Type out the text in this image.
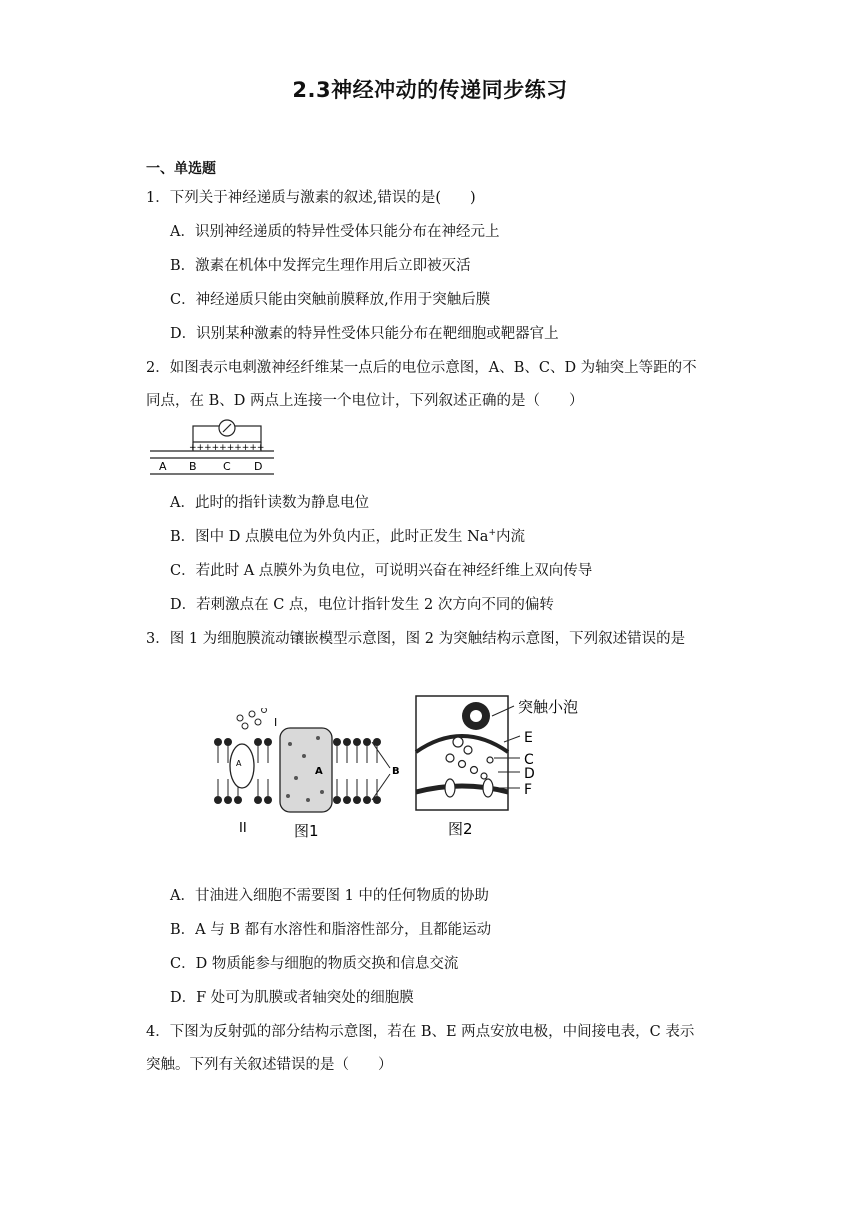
2.3神经冲动的传递同步练习
一、单选题
1．下列关于神经递质与激素的叙述,错误的是(　　)
A．识别神经递质的特异性受体只能分布在神经元上
B．激素在机体中发挥完生理作用后立即被灭活
C．神经递质只能由突触前膜释放,作用于突触后膜
D．识别某种激素的特异性受体只能分布在靶细胞或靶器官上
2．如图表示电刺激神经纤维某一点后的电位示意图，A、B、C、D 为轴突上等距的不
同点，在 B、D 两点上连接一个电位计，下列叙述正确的是（　　）
++++++++++
A B C D
A．此时的指针读数为静息电位
B．图中 D 点膜电位为外负内正，此时正发生 Na+内流
C．若此时 A 点膜外为负电位，可说明兴奋在神经纤维上双向传导
D．若刺激点在 C 点，电位计指针发生 2 次方向不同的偏转
3．图 1 为细胞膜流动镶嵌模型示意图，图 2 为突触结构示意图，下列叙述错误的是
A
I
A	B
II	图1
突触小泡
E
C
D
F
图2
A．甘油进入细胞不需要图 1 中的任何物质的协助
B．A 与 B 都有水溶性和脂溶性部分，且都能运动
C．D 物质能参与细胞的物质交换和信息交流
D．F 处可为肌膜或者轴突处的细胞膜
4．下图为反射弧的部分结构示意图，若在 B、E 两点安放电极，中间接电表，C 表示
突触。下列有关叙述错误的是（　　）
